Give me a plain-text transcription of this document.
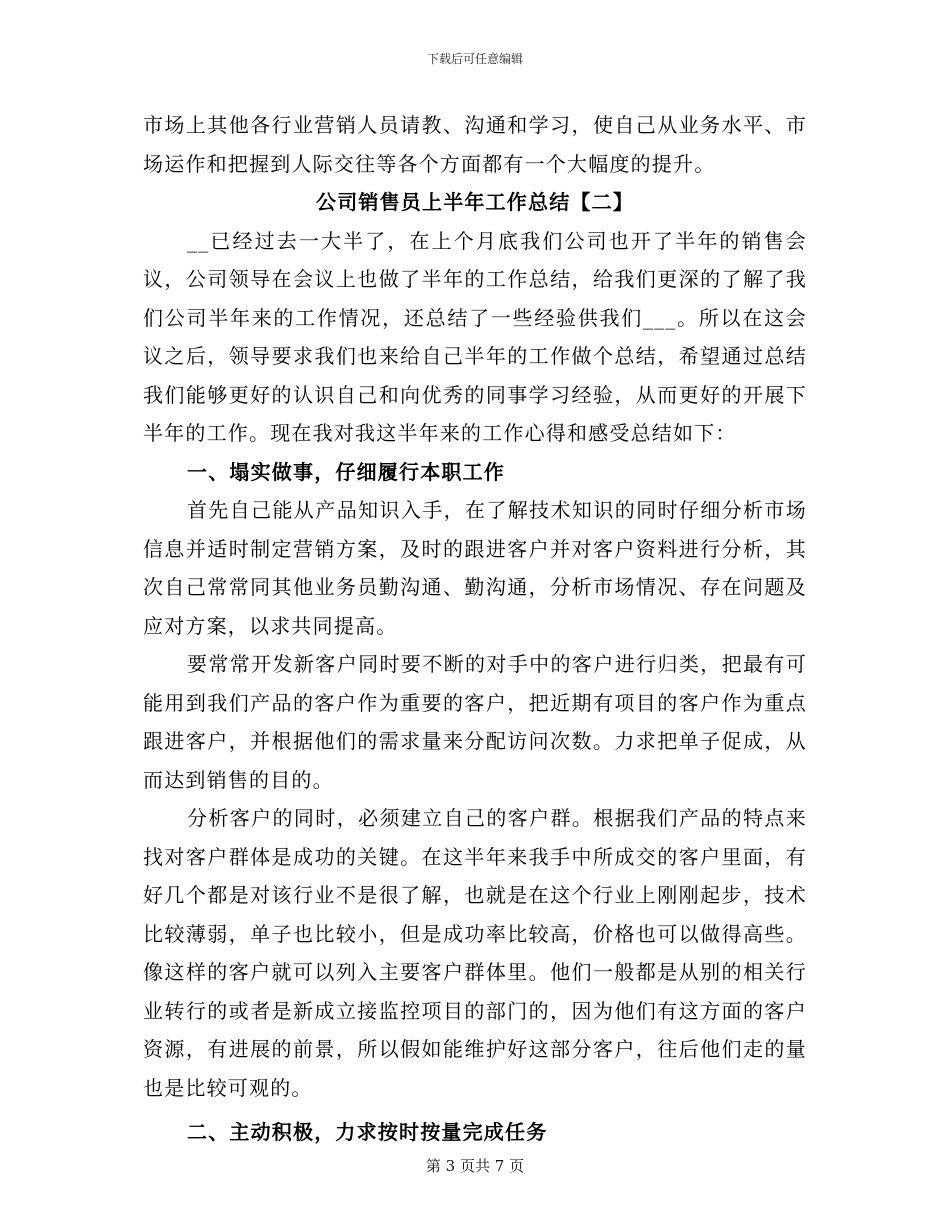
下载后可任意编辑

市场上其他各行业营销人员请教、沟通和学习，使自己从业务水平、市场运作和把握到人际交往等各个方面都有一个大幅度的提升。

公司销售员上半年工作总结【二】

__已经过去一大半了，在上个月底我们公司也开了半年的销售会议，公司领导在会议上也做了半年的工作总结，给我们更深的了解了我们公司半年来的工作情况，还总结了一些经验供我们___。所以在这会议之后，领导要求我们也来给自己半年的工作做个总结，希望通过总结我们能够更好的认识自己和向优秀的同事学习经验，从而更好的开展下半年的工作。现在我对我这半年来的工作心得和感受总结如下：

一、塌实做事，仔细履行本职工作

首先自己能从产品知识入手，在了解技术知识的同时仔细分析市场信息并适时制定营销方案，及时的跟进客户并对客户资料进行分析，其次自己常常同其他业务员勤沟通、勤沟通，分析市场情况、存在问题及应对方案，以求共同提高。

要常常开发新客户同时要不断的对手中的客户进行归类，把最有可能用到我们产品的客户作为重要的客户，把近期有项目的客户作为重点跟进客户，并根据他们的需求量来分配访问次数。力求把单子促成，从而达到销售的目的。

分析客户的同时，必须建立自己的客户群。根据我们产品的特点来找对客户群体是成功的关键。在这半年来我手中所成交的客户里面，有好几个都是对该行业不是很了解，也就是在这个行业上刚刚起步，技术比较薄弱，单子也比较小，但是成功率比较高，价格也可以做得高些。像这样的客户就可以列入主要客户群体里。他们一般都是从别的相关行业转行的或者是新成立接监控项目的部门的，因为他们有这方面的客户资源，有进展的前景，所以假如能维护好这部分客户，往后他们走的量也是比较可观的。

二、主动积极，力求按时按量完成任务

第 3 页共 7 页
